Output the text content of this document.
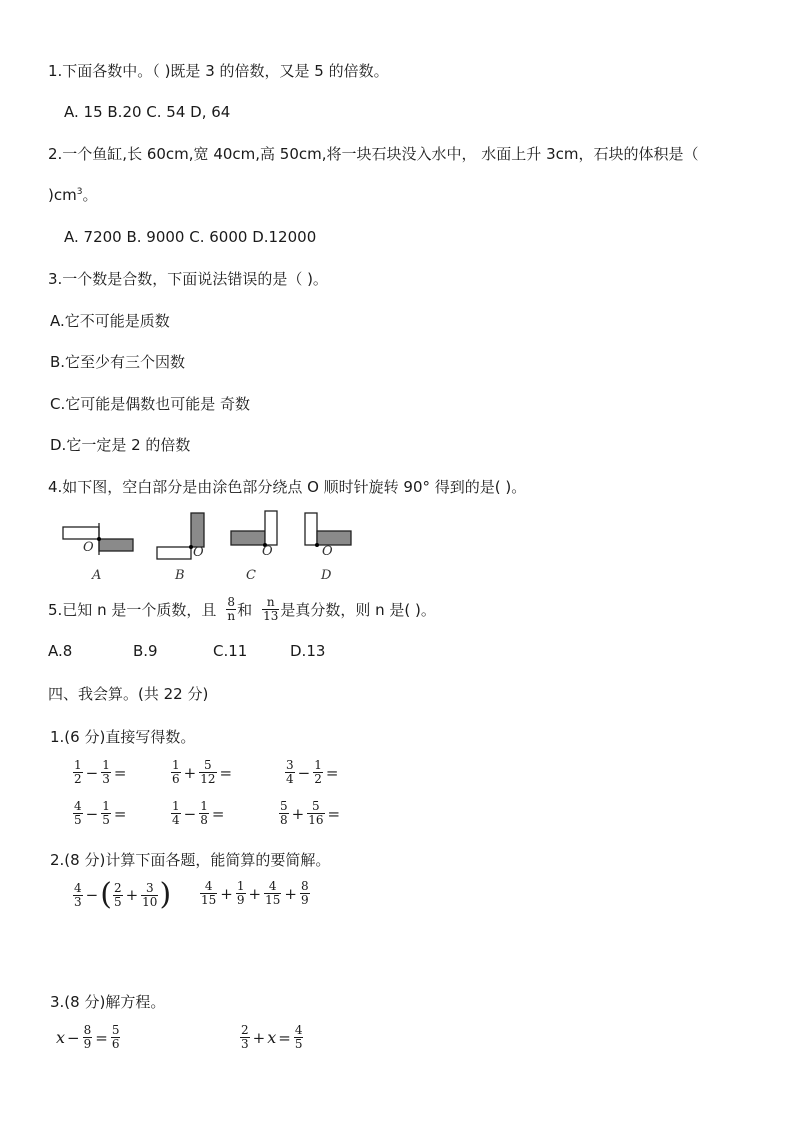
1.下面各数中。（ )既是 3 的倍数，又是 5 的倍数。
A. 15 B.20 C. 54 D, 64
2.一个鱼缸,长 60cm,宽 40cm,高 50cm,将一块石块没入水中， 水面上升 3cm，石块的体积是（
)$cm^3$。
A. 7200 B. 9000 C. 6000 D.12000
3.一个数是合数，下面说法错误的是（ )。
A.它不可能是质数
B.它至少有三个因数
C.它可能是偶数也可能是 奇数
D.它一定是 2 的倍数
4.如下图，空白部分是由涂色部分绕点 O 顺时针旋转 90° 得到的是( )。
O	O	O	O
A	B	C	D
5.已知 n 是一个质数，且 $\frac{8}{n}$ 和 $\frac{n}{13}$ 是真分数，则 n 是( )。
A.8	B.9	C.11	D.13
四、我会算。(共 22 分)
1.(6 分)直接写得数。
$\frac{1}{2} - \frac{1}{3}$ =	$\frac{1}{6} + \frac{5}{12}$ =	$\frac{3}{4} - \frac{1}{2}$ =
$\frac{4}{5} - \frac{1}{5}$ =	$\frac{1}{4} - \frac{1}{8}$ =	$\frac{5}{8} + \frac{5}{16}$ =
2.(8 分)计算下面各题，能简算的要简解。
$\frac{4}{3}$ − ( $\frac{2}{5} + \frac{3}{10}$ ) $\frac{4}{15} + \frac{1}{9} + \frac{4}{15} + \frac{8}{9}$
3.(8 分)解方程。
$x - \frac{8}{9} = \frac{5}{6}$	$\frac{2}{3} + x = \frac{4}{5}$
